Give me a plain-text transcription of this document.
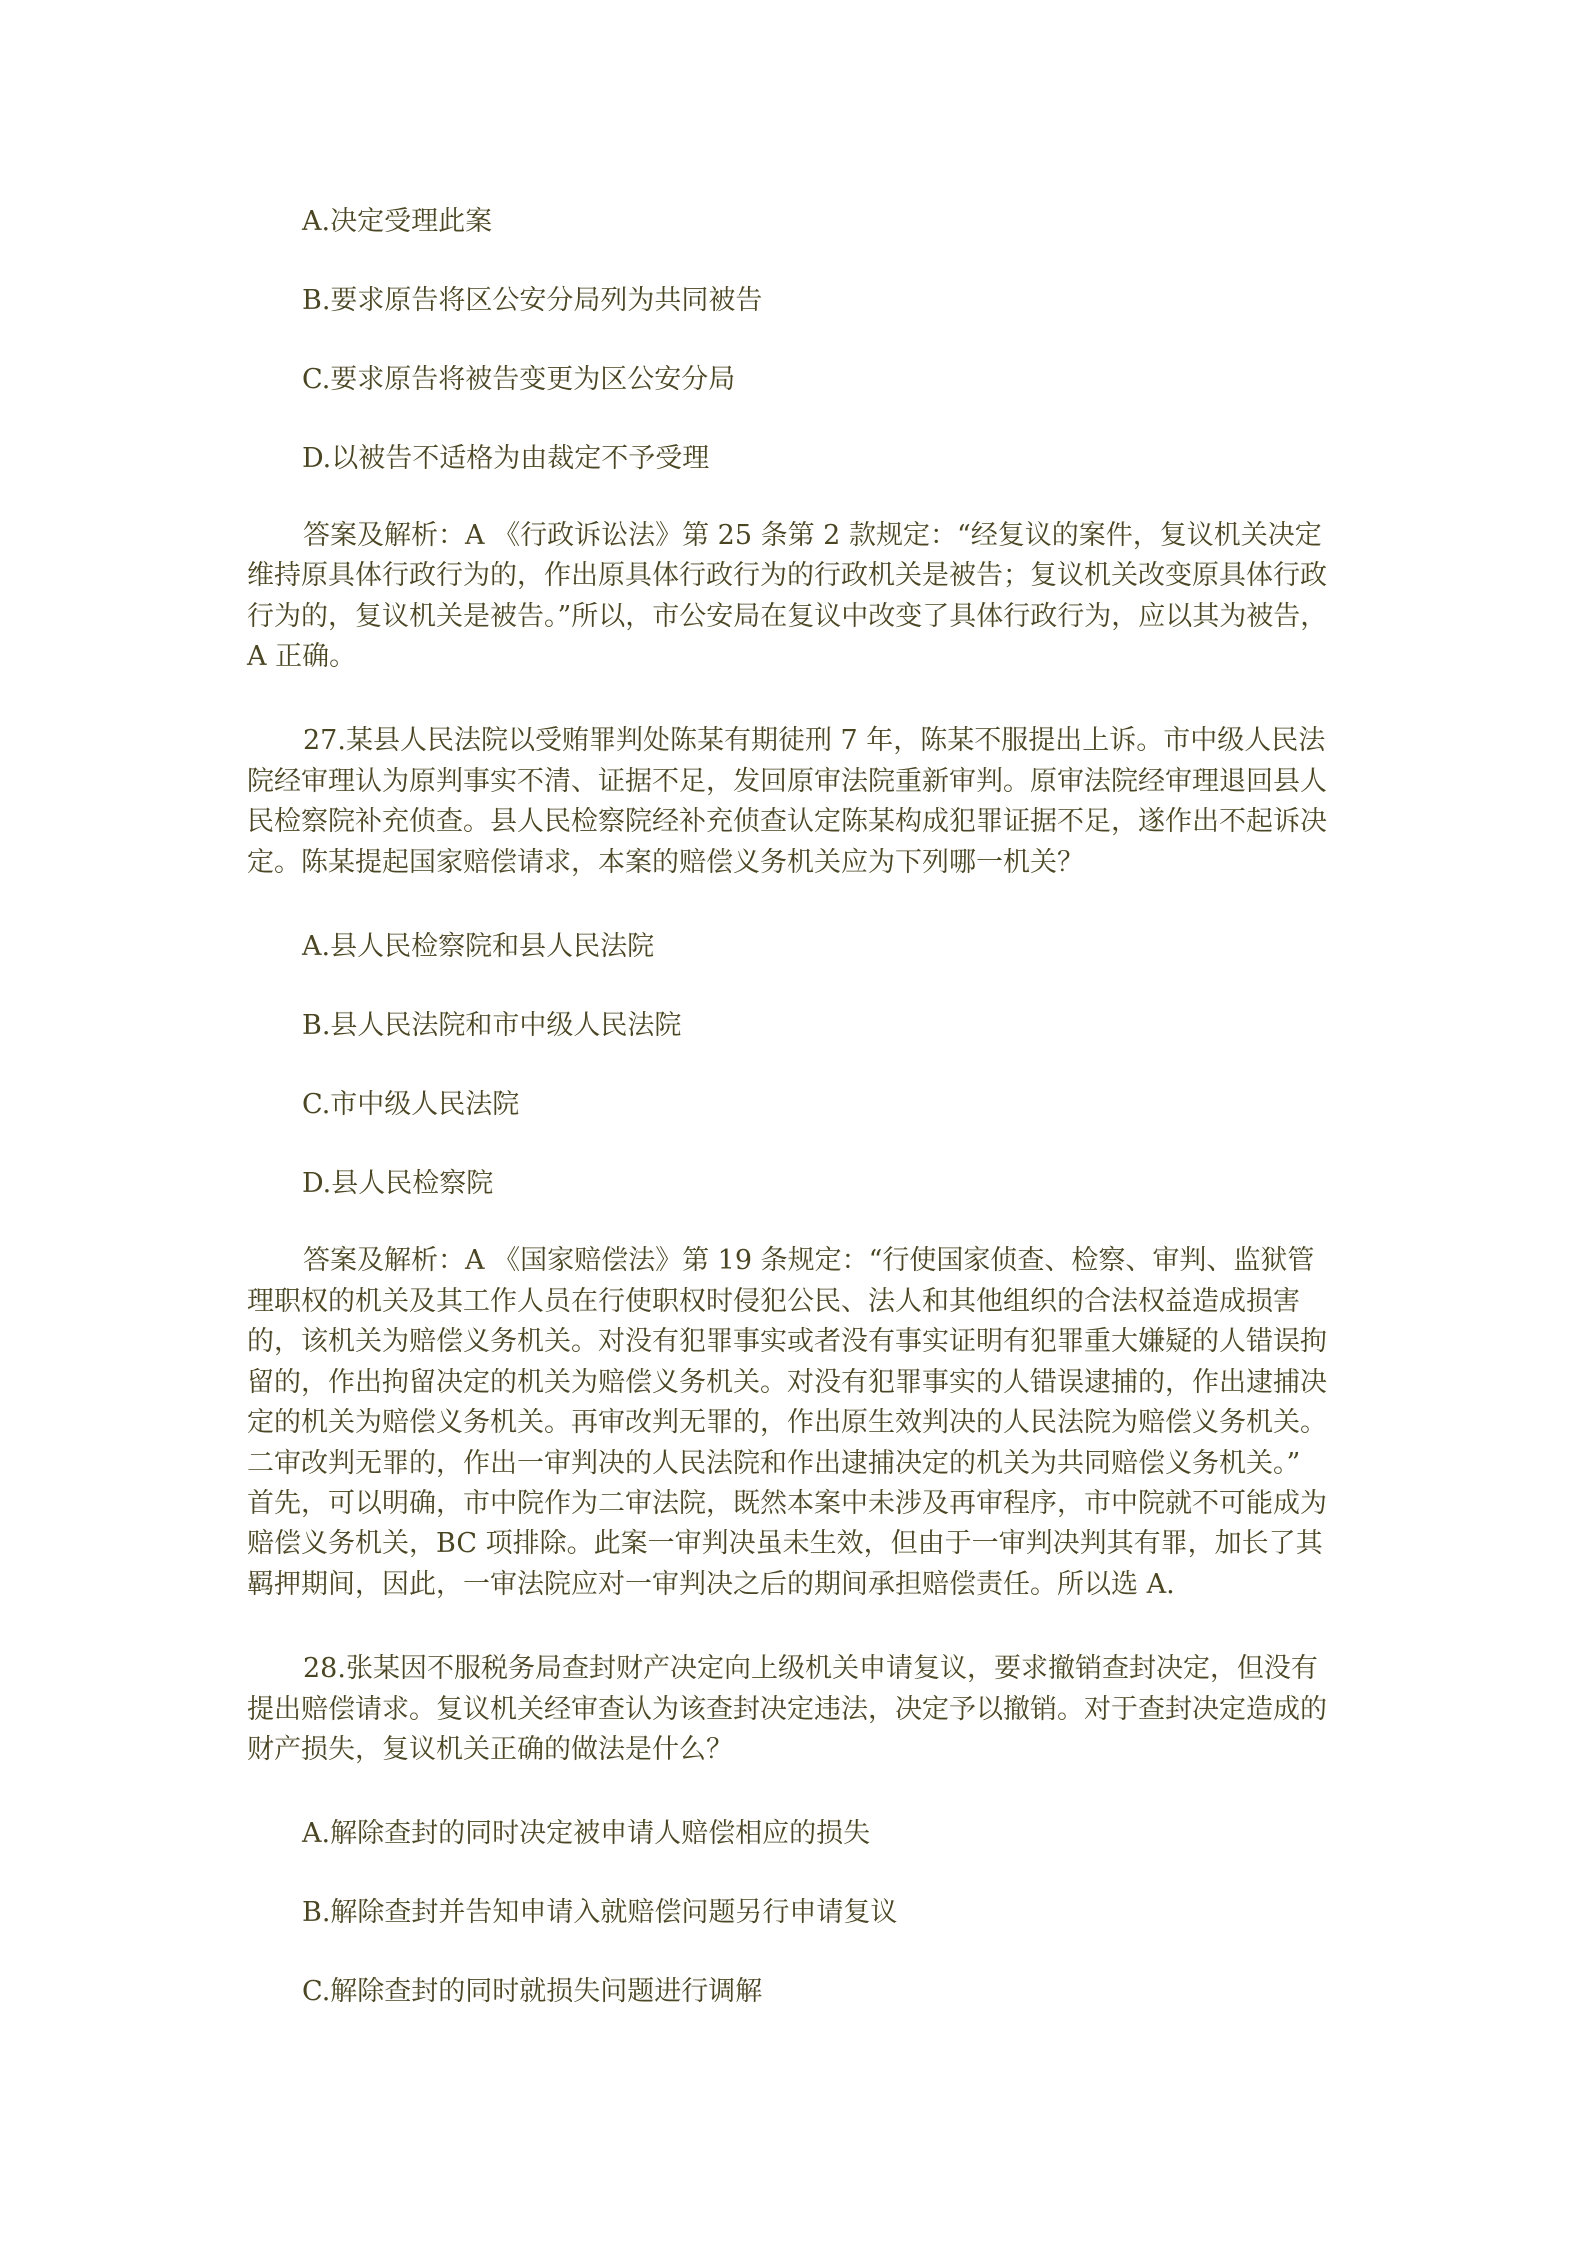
A.决定受理此案

B.要求原告将区公安分局列为共同被告

C.要求原告将被告变更为区公安分局

D.以被告不适格为由裁定不予受理

答案及解析：A 《行政诉讼法》第 25 条第 2 款规定：“经复议的案件，复议机关决定

维持原具体行政行为的，作出原具体行政行为的行政机关是被告；复议机关改变原具体行政

行为的，复议机关是被告。”所以，市公安局在复议中改变了具体行政行为，应以其为被告，

A 正确。

27.某县人民法院以受贿罪判处陈某有期徒刑 7 年，陈某不服提出上诉。市中级人民法

院经审理认为原判事实不清、证据不足，发回原审法院重新审判。原审法院经审理退回县人

民检察院补充侦查。县人民检察院经补充侦查认定陈某构成犯罪证据不足，遂作出不起诉决

定。陈某提起国家赔偿请求，本案的赔偿义务机关应为下列哪一机关？

A.县人民检察院和县人民法院

B.县人民法院和市中级人民法院

C.市中级人民法院

D.县人民检察院

答案及解析：A 《国家赔偿法》第 19 条规定：“行使国家侦查、检察、审判、监狱管

理职权的机关及其工作人员在行使职权时侵犯公民、法人和其他组织的合法权益造成损害

的，该机关为赔偿义务机关。对没有犯罪事实或者没有事实证明有犯罪重大嫌疑的人错误拘

留的，作出拘留决定的机关为赔偿义务机关。对没有犯罪事实的人错误逮捕的，作出逮捕决

定的机关为赔偿义务机关。再审改判无罪的，作出原生效判决的人民法院为赔偿义务机关。

二审改判无罪的，作出一审判决的人民法院和作出逮捕决定的机关为共同赔偿义务机关。”

首先，可以明确，市中院作为二审法院，既然本案中未涉及再审程序，市中院就不可能成为

赔偿义务机关，BC 项排除。此案一审判决虽未生效，但由于一审判决判其有罪，加长了其

羁押期间，因此，一审法院应对一审判决之后的期间承担赔偿责任。所以选 A.

28.张某因不服税务局查封财产决定向上级机关申请复议，要求撤销查封决定，但没有

提出赔偿请求。复议机关经审查认为该查封决定违法，决定予以撤销。对于查封决定造成的

财产损失，复议机关正确的做法是什么？

A.解除查封的同时决定被申请人赔偿相应的损失

B.解除查封并告知申请入就赔偿问题另行申请复议

C.解除查封的同时就损失问题进行调解
